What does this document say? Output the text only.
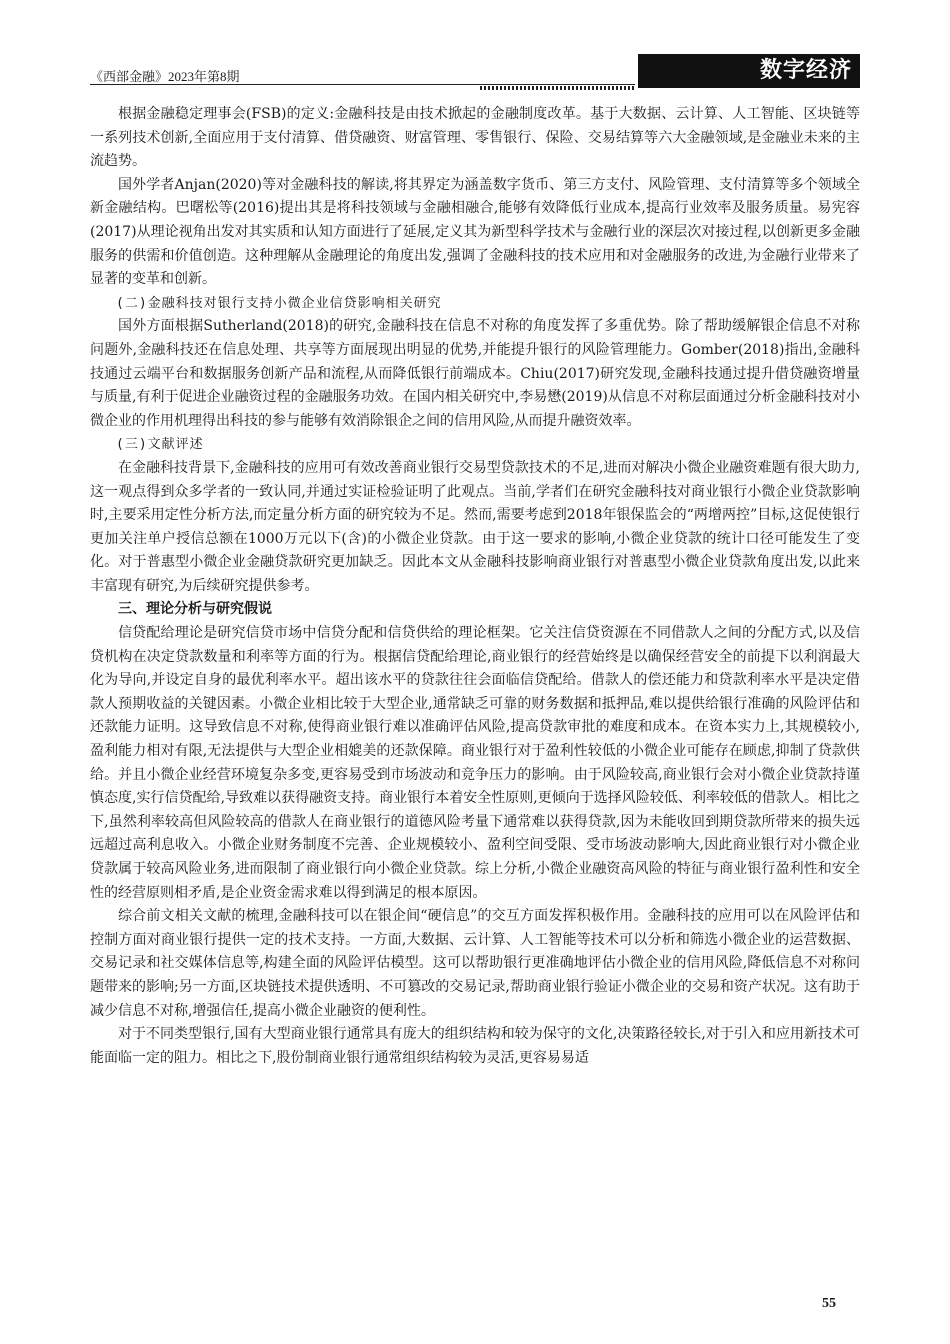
《西部金融》2023年第8期	数字经济

根据金融稳定理事会(FSB)的定义:金融科技是由技术掀起的金融制度改革。基于大数据、云计算、人工智能、区块链等一系列技术创新,全面应用于支付清算、借贷融资、财富管理、零售银行、保险、交易结算等六大金融领域,是金融业未来的主流趋势。

国外学者Anjan(2020)等对金融科技的解读,将其界定为涵盖数字货币、第三方支付、风险管理、支付清算等多个领域全新金融结构。巴曙松等(2016)提出其是将科技领域与金融相融合,能够有效降低行业成本,提高行业效率及服务质量。易宪容(2017)从理论视角出发对其实质和认知方面进行了延展,定义其为新型科学技术与金融行业的深层次对接过程,以创新更多金融服务的供需和价值创造。这种理解从金融理论的角度出发,强调了金融科技的技术应用和对金融服务的改进,为金融行业带来了显著的变革和创新。

(二)金融科技对银行支持小微企业信贷影响相关研究

国外方面根据Sutherland(2018)的研究,金融科技在信息不对称的角度发挥了多重优势。除了帮助缓解银企信息不对称问题外,金融科技还在信息处理、共享等方面展现出明显的优势,并能提升银行的风险管理能力。Gomber(2018)指出,金融科技通过云端平台和数据服务创新产品和流程,从而降低银行前端成本。Chiu(2017)研究发现,金融科技通过提升借贷融资增量与质量,有利于促进企业融资过程的金融服务功效。在国内相关研究中,李易懋(2019)从信息不对称层面通过分析金融科技对小微企业的作用机理得出科技的参与能够有效消除银企之间的信用风险,从而提升融资效率。

(三)文献评述

在金融科技背景下,金融科技的应用可有效改善商业银行交易型贷款技术的不足,进而对解决小微企业融资难题有很大助力,这一观点得到众多学者的一致认同,并通过实证检验证明了此观点。当前,学者们在研究金融科技对商业银行小微企业贷款影响时,主要采用定性分析方法,而定量分析方面的研究较为不足。然而,需要考虑到2018年银保监会的“两增两控”目标,这促使银行更加关注单户授信总额在1000万元以下(含)的小微企业贷款。由于这一要求的影响,小微企业贷款的统计口径可能发生了变化。对于普惠型小微企业金融贷款研究更加缺乏。因此本文从金融科技影响商业银行对普惠型小微企业贷款角度出发,以此来丰富现有研究,为后续研究提供参考。

三、理论分析与研究假说

信贷配给理论是研究信贷市场中信贷分配和信贷供给的理论框架。它关注信贷资源在不同借款人之间的分配方式,以及信贷机构在决定贷款数量和利率等方面的行为。根据信贷配给理论,商业银行的经营始终是以确保经营安全的前提下以利润最大化为导向,并设定自身的最优利率水平。超出该水平的贷款往往会面临信贷配给。借款人的偿还能力和贷款利率水平是决定借款人预期收益的关键因素。小微企业相比较于大型企业,通常缺乏可靠的财务数据和抵押品,难以提供给银行准确的风险评估和还款能力证明。这导致信息不对称,使得商业银行难以准确评估风险,提高贷款审批的难度和成本。在资本实力上,其规模较小,盈利能力相对有限,无法提供与大型企业相媲美的还款保障。商业银行对于盈利性较低的小微企业可能存在顾虑,抑制了贷款供给。并且小微企业经营环境复杂多变,更容易受到市场波动和竞争压力的影响。由于风险较高,商业银行会对小微企业贷款持谨慎态度,实行信贷配给,导致难以获得融资支持。商业银行本着安全性原则,更倾向于选择风险较低、利率较低的借款人。相比之下,虽然利率较高但风险较高的借款人在商业银行的道德风险考量下通常难以获得贷款,因为未能收回到期贷款所带来的损失远远超过高利息收入。小微企业财务制度不完善、企业规模较小、盈利空间受限、受市场波动影响大,因此商业银行对小微企业贷款属于较高风险业务,进而限制了商业银行向小微企业贷款。综上分析,小微企业融资高风险的特征与商业银行盈利性和安全性的经营原则相矛盾,是企业资金需求难以得到满足的根本原因。

综合前文相关文献的梳理,金融科技可以在银企间“硬信息”的交互方面发挥积极作用。金融科技的应用可以在风险评估和控制方面对商业银行提供一定的技术支持。一方面,大数据、云计算、人工智能等技术可以分析和筛选小微企业的运营数据、交易记录和社交媒体信息等,构建全面的风险评估模型。这可以帮助银行更准确地评估小微企业的信用风险,降低信息不对称问题带来的影响;另一方面,区块链技术提供透明、不可篡改的交易记录,帮助商业银行验证小微企业的交易和资产状况。这有助于减少信息不对称,增强信任,提高小微企业融资的便利性。

对于不同类型银行,国有大型商业银行通常具有庞大的组织结构和较为保守的文化,决策路径较长,对于引入和应用新技术可能面临一定的阻力。相比之下,股份制商业银行通常组织结构较为灵活,更容易易适

55
